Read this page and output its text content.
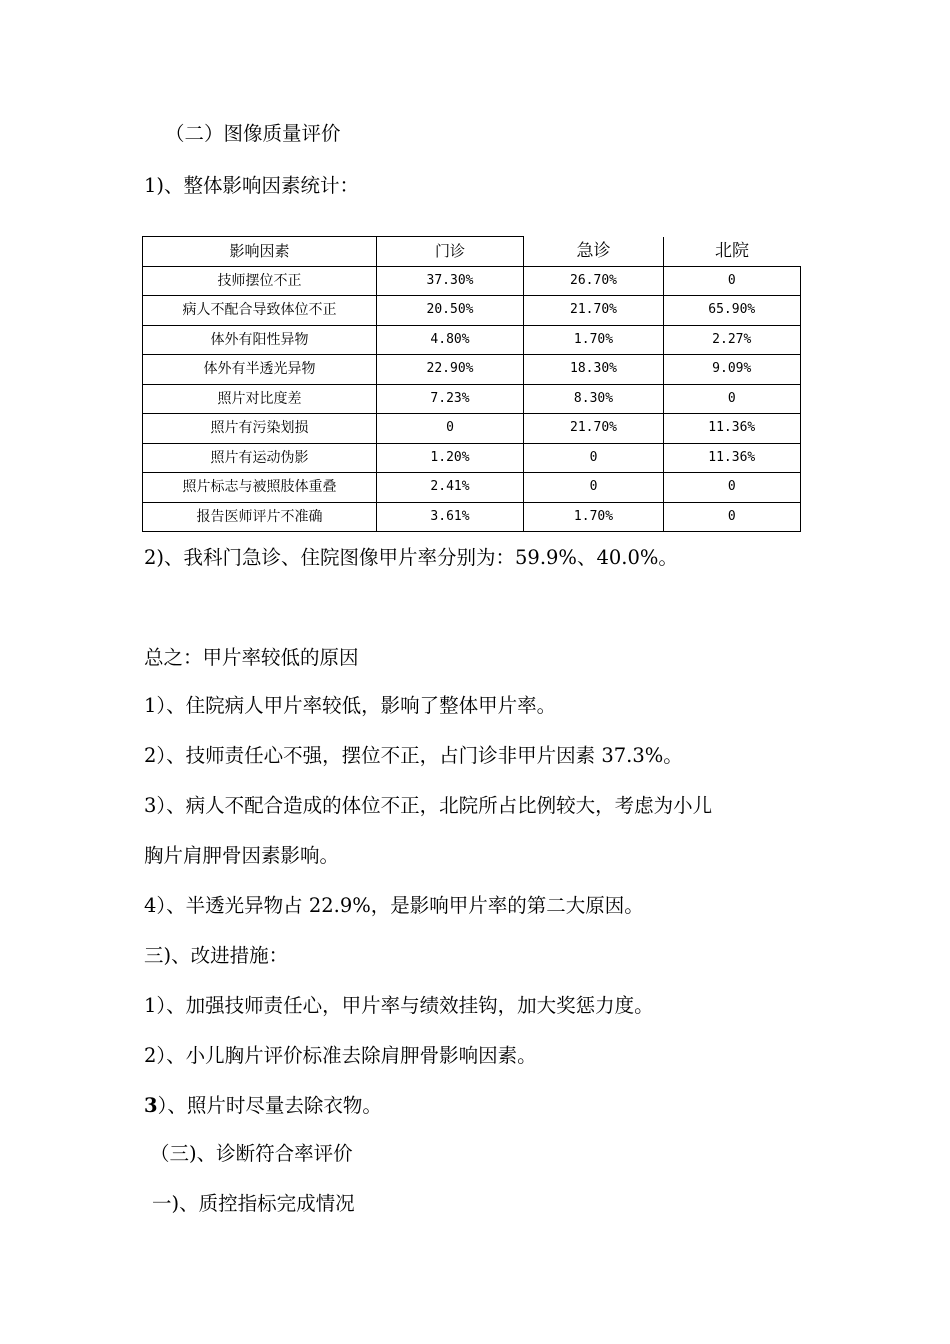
（二）图像质量评价
1)、整体影响因素统计：
影响因素	门诊	急诊	北院
技师摆位不正	37.30%	26.70%	0
病人不配合导致体位不正	20.50%	21.70%	65.90%
体外有阳性异物	4.80%	1.70%	2.27%
体外有半透光异物	22.90%	18.30%	9.09%
照片对比度差	7.23%	8.30%	0
照片有污染划损	0	21.70%	11.36%
照片有运动伪影	1.20%	0	11.36%
照片标志与被照肢体重叠	2.41%	0	0
报告医师评片不准确	3.61%	1.70%	0
2)、我科门急诊、住院图像甲片率分别为：59.9%、40.0%。
总之：甲片率较低的原因
1）、住院病人甲片率较低，影响了整体甲片率。
2）、技师责任心不强，摆位不正，占门诊非甲片因素 37.3%。
3）、病人不配合造成的体位不正，北院所占比例较大，考虑为小儿
胸片肩胛骨因素影响。
4）、半透光异物占 22.9%，是影响甲片率的第二大原因。
三)、改进措施：
1）、加强技师责任心，甲片率与绩效挂钩，加大奖惩力度。
2）、小儿胸片评价标准去除肩胛骨影响因素。
3）、照片时尽量去除衣物。
（三)、诊断符合率评价
一)、质控指标完成情况
